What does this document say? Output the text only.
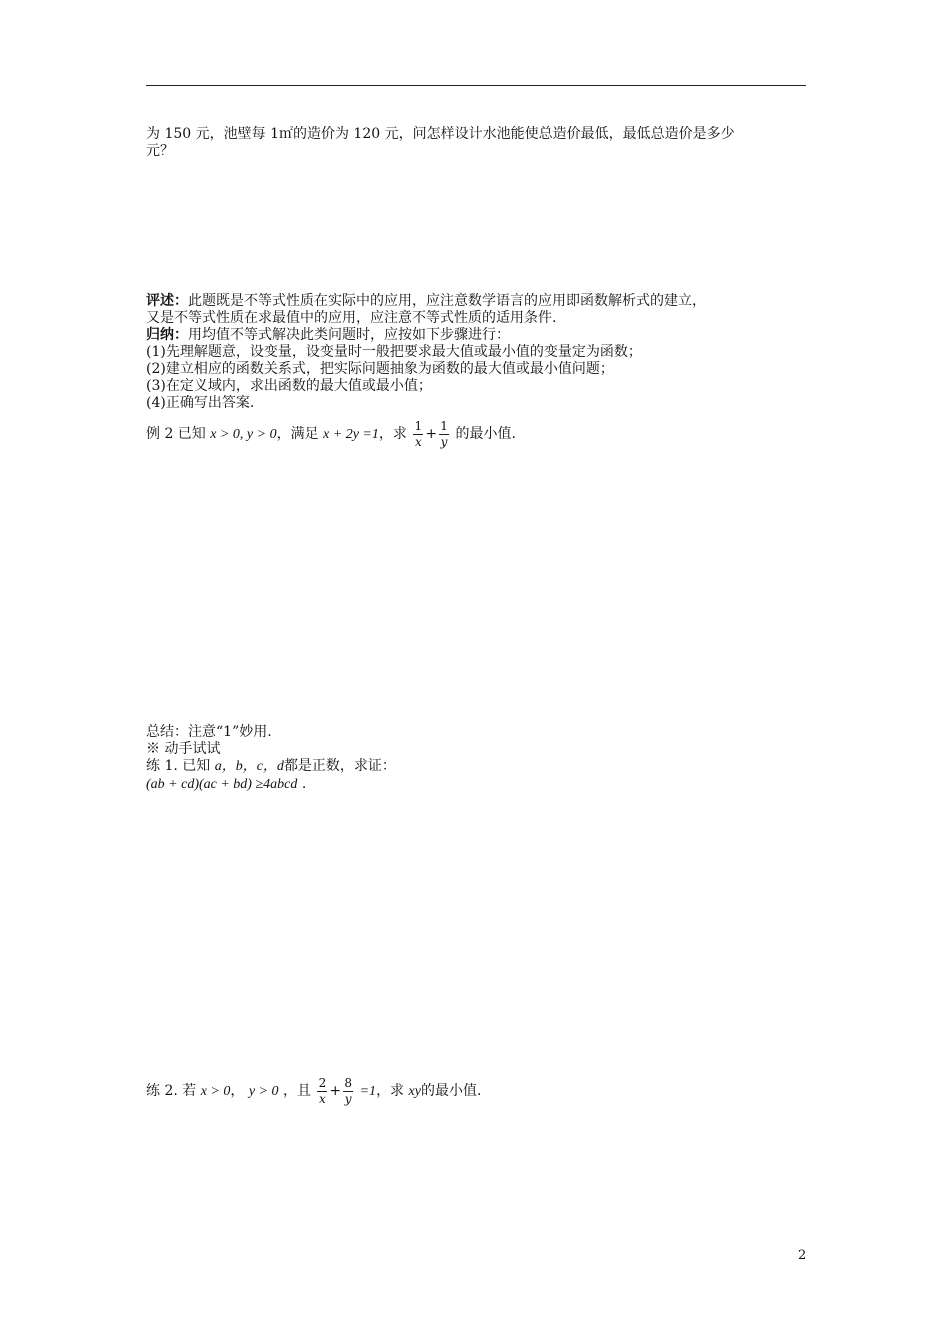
为 150 元，池壁每 1㎡的造价为 120 元，问怎样设计水池能使总造价最低，最低总造价是多少
元？
评述：此题既是不等式性质在实际中的应用，应注意数学语言的应用即函数解析式的建立，
又是不等式性质在求最值中的应用，应注意不等式性质的适用条件.
归纳：用均值不等式解决此类问题时，应按如下步骤进行：
(1)先理解题意，设变量，设变量时一般把要求最大值或最小值的变量定为函数；
(2)建立相应的函数关系式，把实际问题抽象为函数的最大值或最小值问题；
(3)在定义域内，求出函数的最大值或最小值；
(4)正确写出答案.
例 2 已知 x > 0, y > 0，满足 x + 2y =1，求 $\frac{1}{x} + \frac{1}{y}$ 的最小值.
总结：注意“1”妙用.
※ 动手试试
练 1. 已知 a，b，c，d都是正数，求证：
(ab + cd)(ac + bd) ≥4abcd .
练 2. 若 x > 0， y > 0 ，且 $\frac{2}{x} + \frac{8}{y} =1$，求 xy的最小值.
2
